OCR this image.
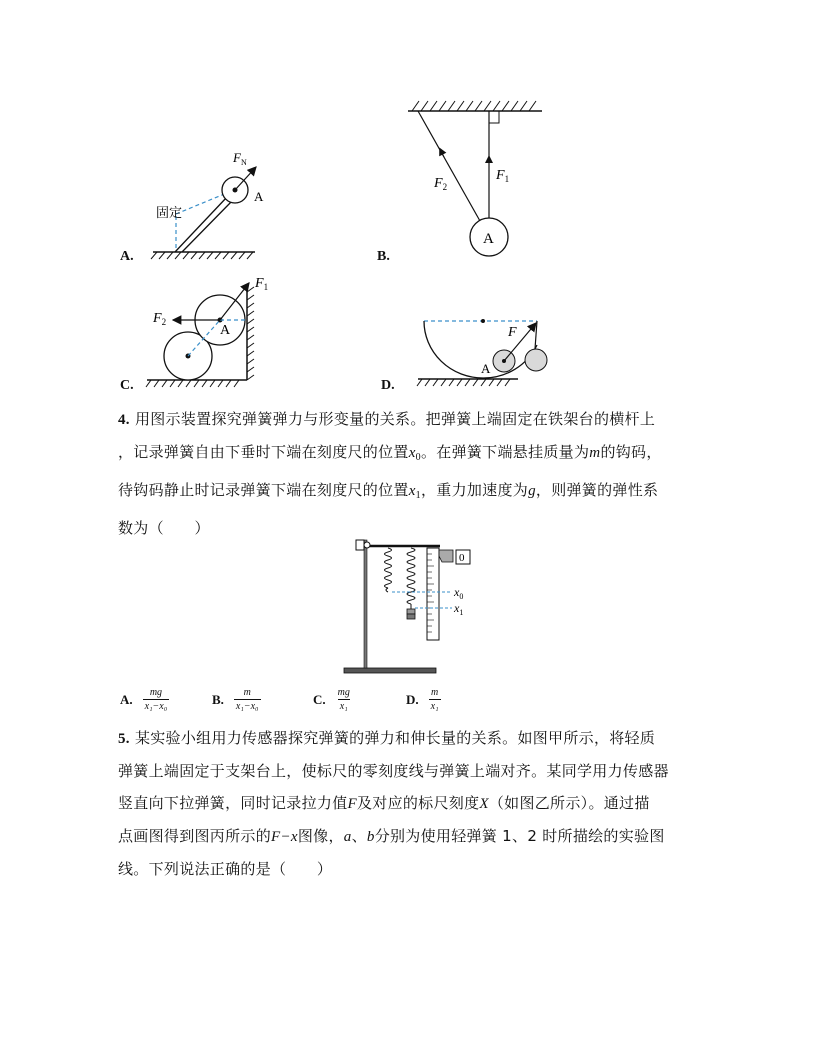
$F_N$
A
固定
A.
A
$F_2$
$F_1$
B.
$F_1$
$F_2$
A
C.
F
A
D.
4. 用图示装置探究弹簧弹力与形变量的关系。把弹簧上端固定在铁架台的横杆上
，记录弹簧自由下垂时下端在刻度尺的位置$x_0$。在弹簧下端悬挂质量为m的钩码，
待钩码静止时记录弹簧下端在刻度尺的位置$x_1$，重力加速度为g，则弹簧的弹性系
数为（　　）
0
$x_0$
$x_1$
A. $\frac{mg}{\text{x₁−x₀}}$	B. $\frac{m}{\text{x₁−x₀}}$	C. $\frac{mg}{\text{x₁}}$	D. $\frac{m}{\text{x₁}}$
5. 某实验小组用力传感器探究弹簧的弹力和伸长量的关系。如图甲所示，将轻质
弹簧上端固定于支架台上，使标尺的零刻度线与弹簧上端对齐。某同学用力传感器
竖直向下拉弹簧，同时记录拉力值F及对应的标尺刻度X（如图乙所示）。通过描
点画图得到图丙所示的F−x图像，a、b分别为使用轻弹簧 1、2 时所描绘的实验图
线。下列说法正确的是（　　）
